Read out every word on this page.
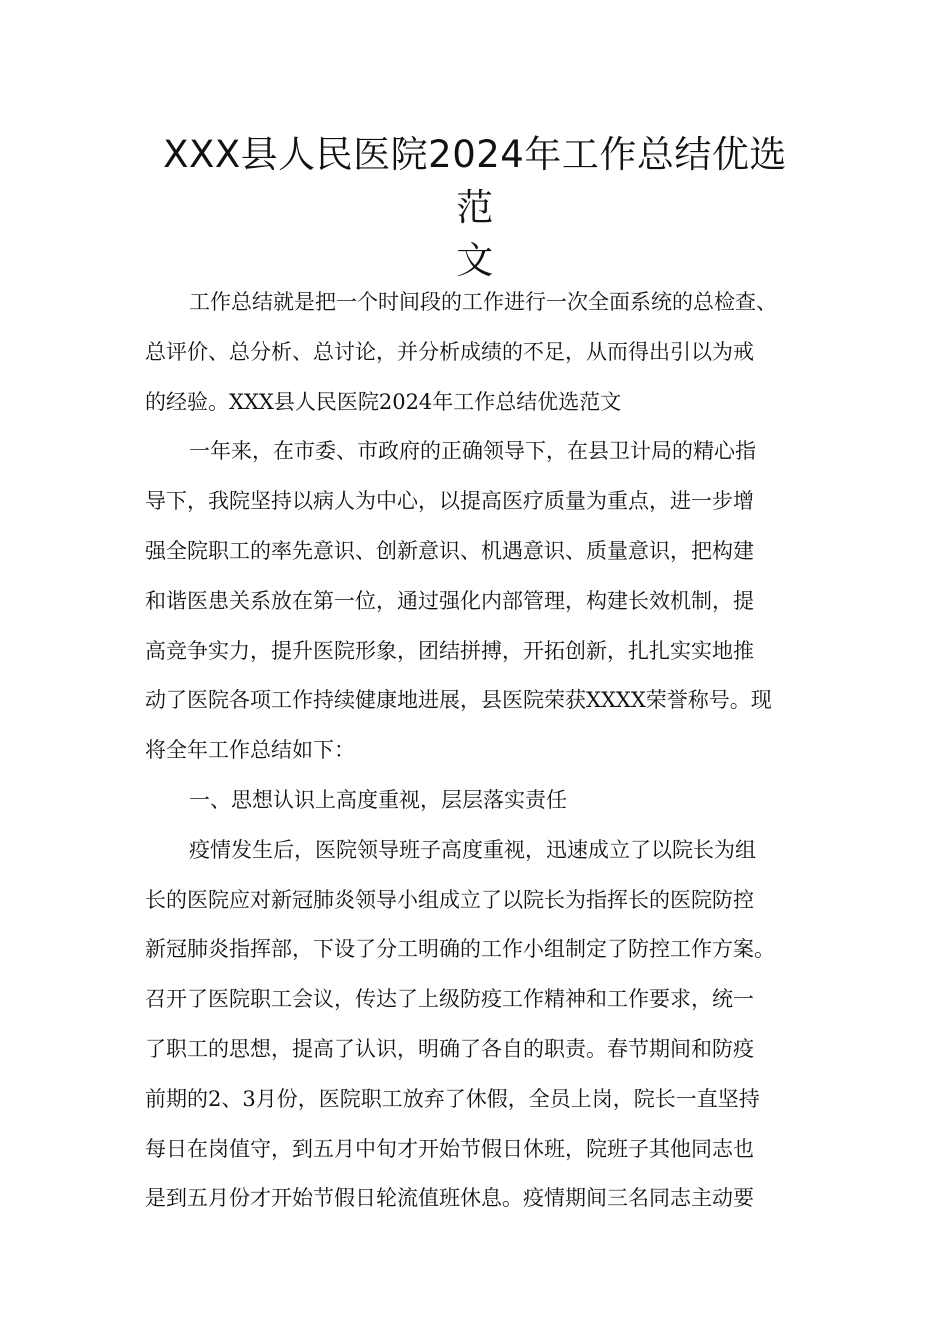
XXX县人民医院2024年工作总结优选范
文
工作总结就是把一个时间段的工作进行一次全面系统的总检查、
总评价、总分析、总讨论，并分析成绩的不足，从而得出引以为戒
的经验。XXX县人民医院2024年工作总结优选范文
一年来，在市委、市政府的正确领导下，在县卫计局的精心指
导下，我院坚持以病人为中心，以提高医疗质量为重点，进一步增
强全院职工的率先意识、创新意识、机遇意识、质量意识，把构建
和谐医患关系放在第一位，通过强化内部管理，构建长效机制，提
高竞争实力，提升医院形象，团结拼搏，开拓创新，扎扎实实地推
动了医院各项工作持续健康地进展，县医院荣获XXXX荣誉称号。现
将全年工作总结如下：
一、思想认识上高度重视，层层落实责任
疫情发生后，医院领导班子高度重视，迅速成立了以院长为组
长的医院应对新冠肺炎领导小组成立了以院长为指挥长的医院防控
新冠肺炎指挥部，下设了分工明确的工作小组制定了防控工作方案。
召开了医院职工会议，传达了上级防疫工作精神和工作要求，统一
了职工的思想，提高了认识，明确了各自的职责。春节期间和防疫
前期的2、3月份，医院职工放弃了休假，全员上岗，院长一直坚持
每日在岗值守，到五月中旬才开始节假日休班，院班子其他同志也
是到五月份才开始节假日轮流值班休息。疫情期间三名同志主动要
